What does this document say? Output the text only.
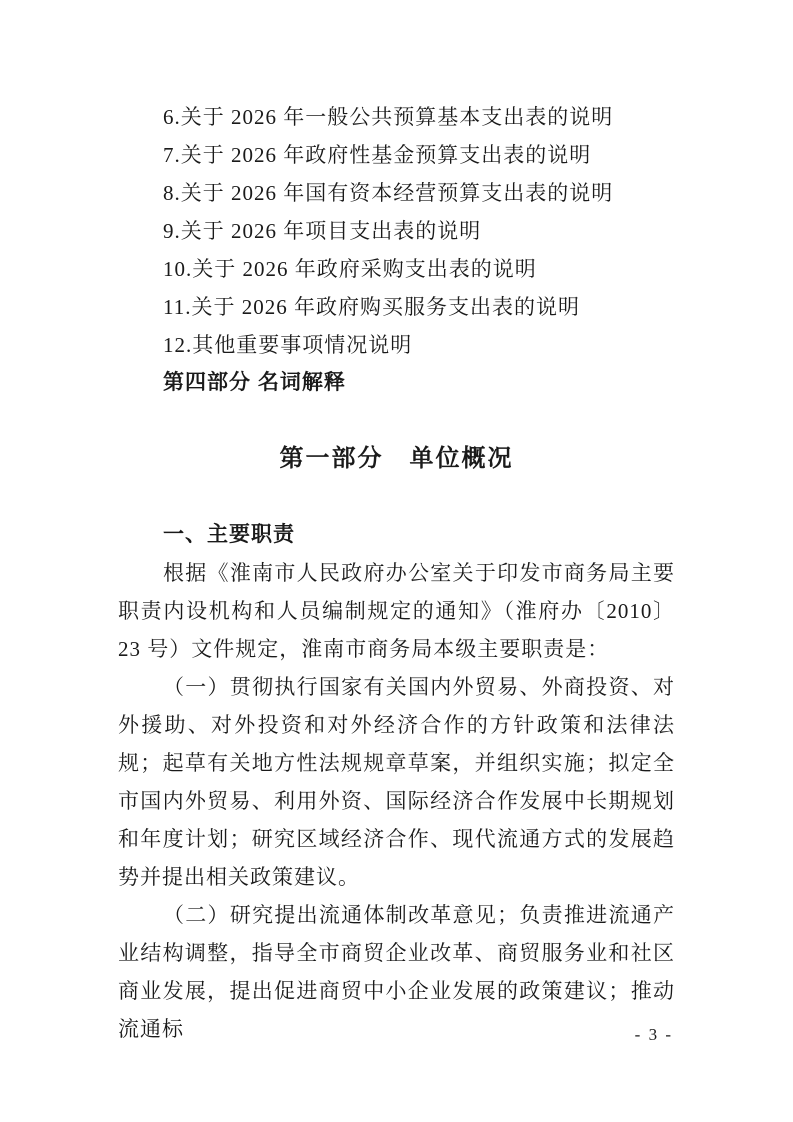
6.关于 2026 年一般公共预算基本支出表的说明
7.关于 2026 年政府性基金预算支出表的说明
8.关于 2026 年国有资本经营预算支出表的说明
9.关于 2026 年项目支出表的说明
10.关于 2026 年政府采购支出表的说明
11.关于 2026 年政府购买服务支出表的说明
12.其他重要事项情况说明
第四部分 名词解释
第一部分　单位概况
一、主要职责
根据《淮南市人民政府办公室关于印发市商务局主要职责内设机构和人员编制规定的通知》（淮府办〔2010〕23 号）文件规定，淮南市商务局本级主要职责是：
（一）贯彻执行国家有关国内外贸易、外商投资、对外援助、对外投资和对外经济合作的方针政策和法律法规；起草有关地方性法规规章草案，并组织实施；拟定全市国内外贸易、利用外资、国际经济合作发展中长期规划和年度计划；研究区域经济合作、现代流通方式的发展趋势并提出相关政策建议。
（二）研究提出流通体制改革意见；负责推进流通产业结构调整，指导全市商贸企业改革、商贸服务业和社区商业发展，提出促进商贸中小企业发展的政策建议；推动流通标	- 3 -
